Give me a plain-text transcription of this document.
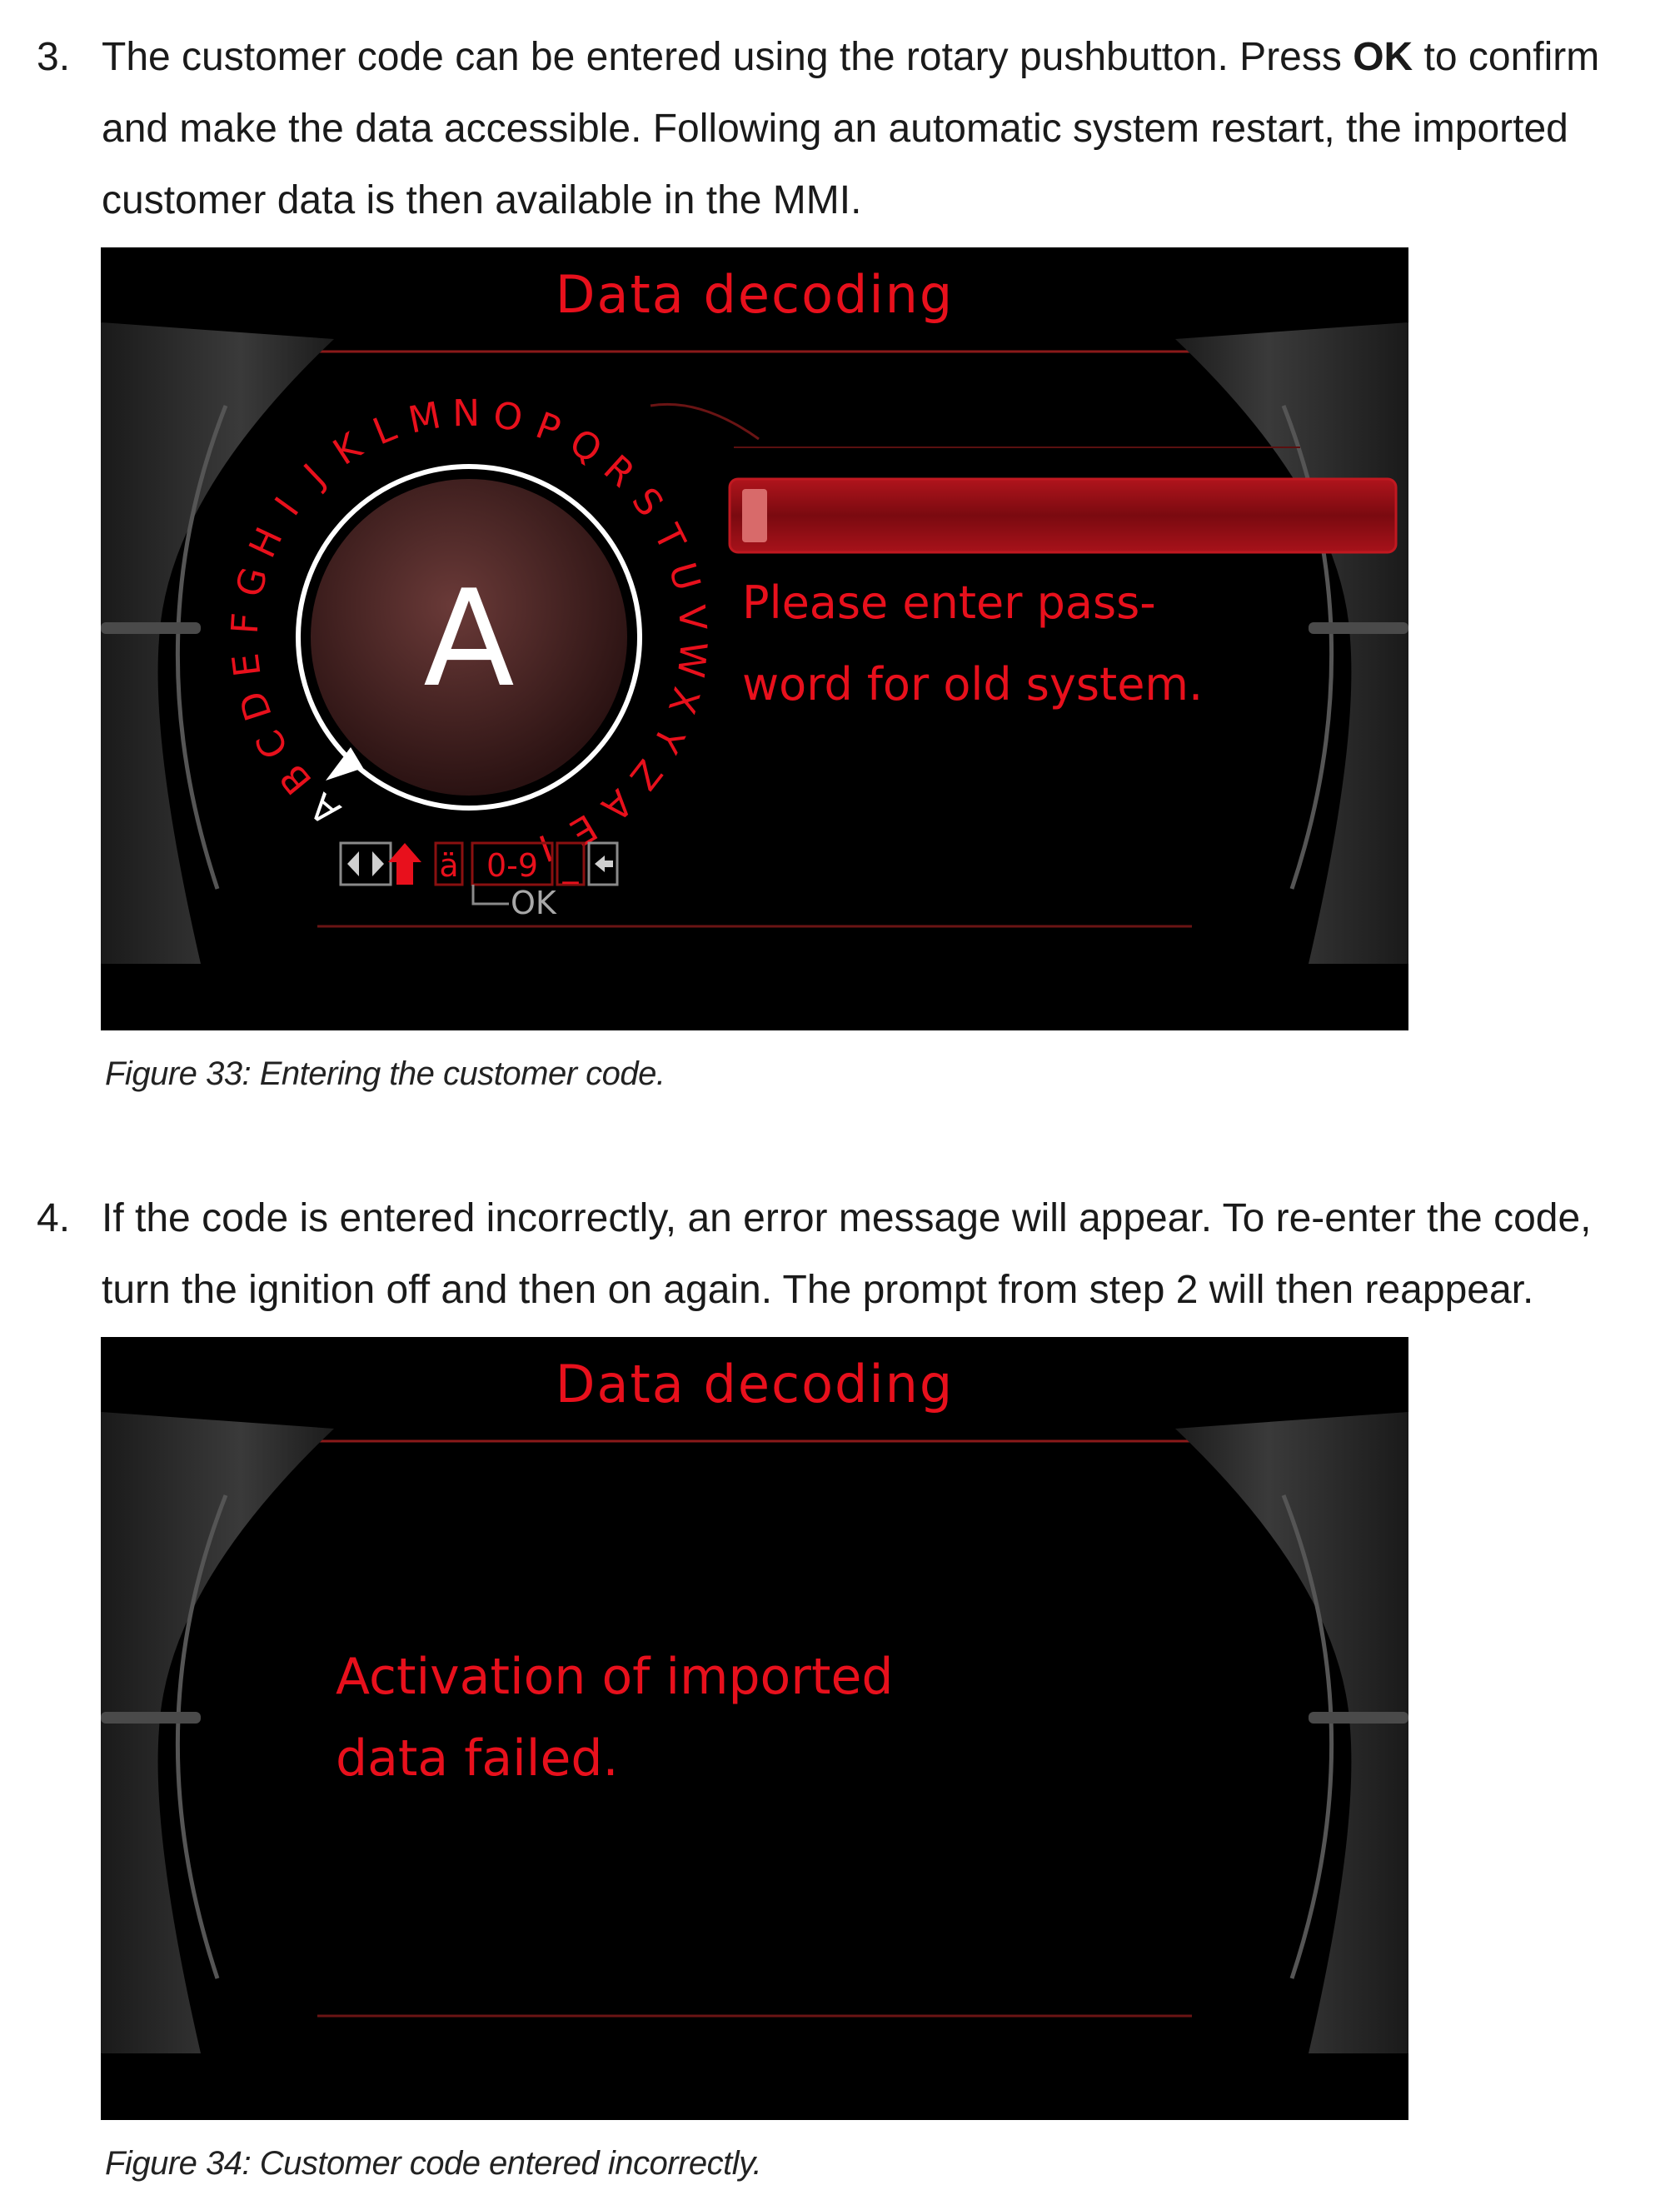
3. The customer code can be entered using the rotary pushbutton. Press OK to confirm and make the data accessible. Following an automatic system restart, the imported customer data is then available in the MMI.
Data decoding
A
A
B
C
D
E
F
G
H
I
J
K
L M N O P
Q
R
S
T
U
V
W
X
Y
Z
A
E
I
Please enter pass-
word for old system.
ä 0-9 _
OK
Figure 33: Entering the customer code.
4. If the code is entered incorrectly, an error message will appear. To re-enter the code, turn the ignition off and then on again. The prompt from step 2 will then reappear.
Data decoding
Activation of imported
data failed.
Figure 34: Customer code entered incorrectly.
